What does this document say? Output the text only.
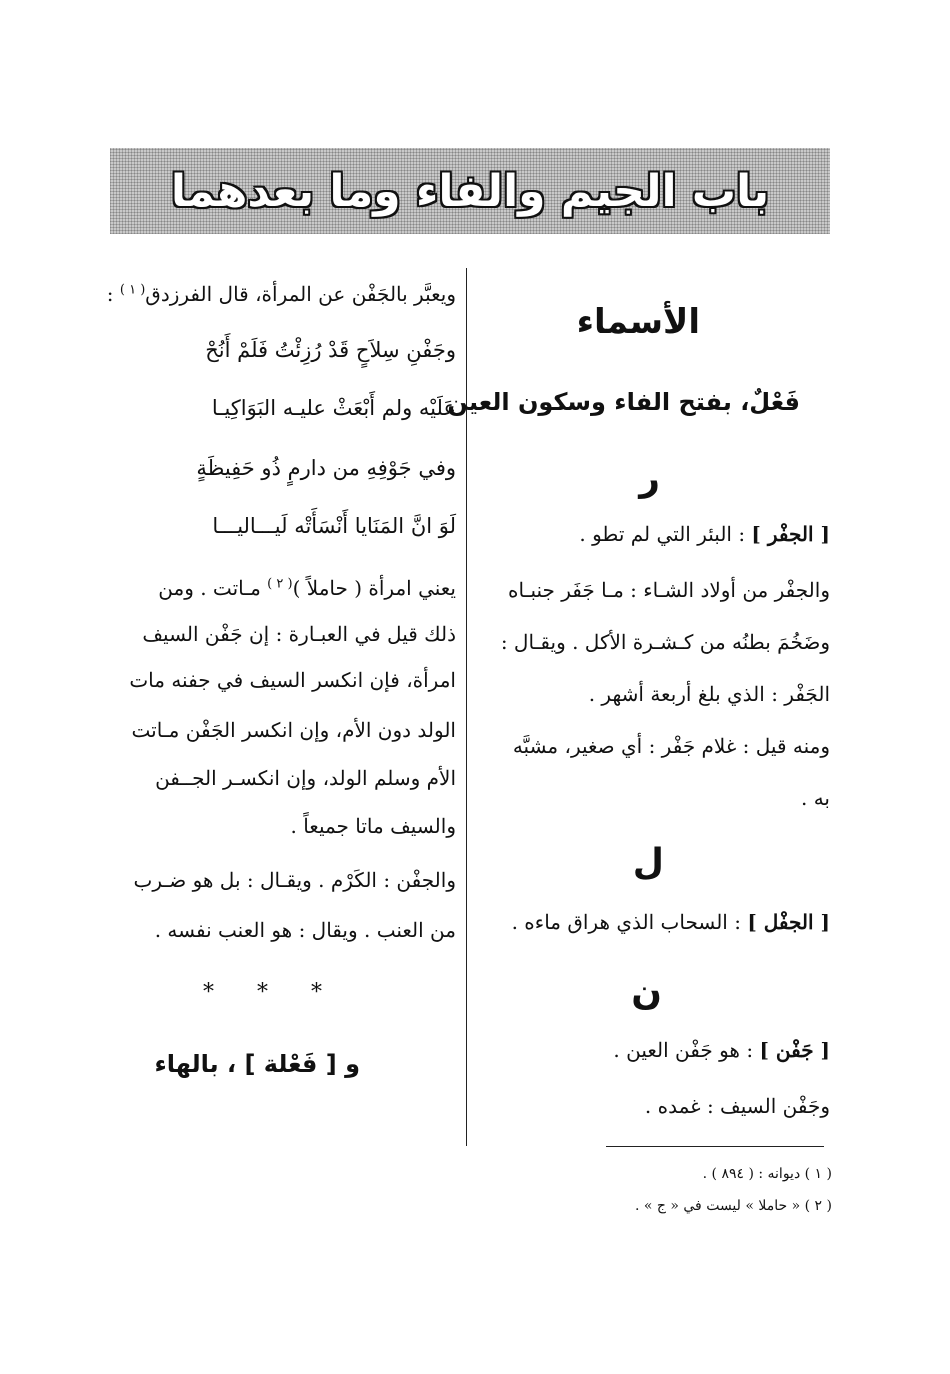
باب الجيم والفاء وما بعدهما
الأسماء
فَعْلٌ، بفتح الفاء وسكون العين
ر
[ الجفْر ] : البئر التي لم تطو .
والجفْر من أولاد الشـاء : مـا جَفَر جنبـاه
وضَخُمَ بطنُه من كـشـرة الأكل . ويقـال :
الجَفْر : الذي بلغ أربعة أشهر .
ومنه قيل : غلام جَفْر : أي صغير، مشبَّه
به .
ل
[ الجفْل ] : السحاب الذي هراق ماءه .
ن
[ جَفْن ] : هو جَفْن العين .
وجَفْن السيف : غمده .
ويعبَّر بالجَفْن عن المرأة، قال الفرزدق$^{( ١ )}$ :
وجَفْنِ سِلاَحٍ قَدْ رُزِئْتُ فَلَمْ أَنُحْ
عَلَيْه ولم أَبْعَثْ عليـه البَوَاكِيـا
وفي جَوْفِهِ من دارمٍ ذُو حَفِيظَةٍ
لَوَ انَّ المَنَايا أَنْسَأَتْه لَيـــاليـــا
يعني امرأة ( حاملاً )$^{( ٢ )}$ مـاتت . ومن
ذلك قيل في العبـارة : إن جَفْن السيف
امرأة، فإن انكسر السيف في جفنه مات
الولد دون الأم، وإن انكسر الجَفْن مـاتت
الأم وسلم الولد، وإن انكسـر الجــفن
والسيف ماتا جميعاً .
والجفْن : الكَرْم . ويقـال : بل هو ضـرب
من العنب . ويقال : هو العنب نفسه .
* * *
و [ فَعْلة ] ، بالهاء
( ١ ) ديوانه : ( ٨٩٤ ) .
( ٢ ) « حاملا » ليست في « ج » .
